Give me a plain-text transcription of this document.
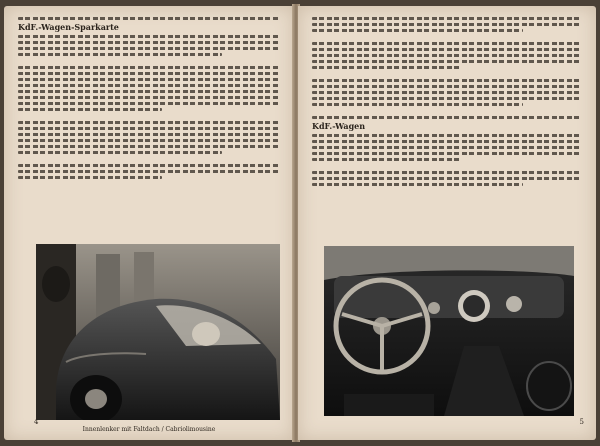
KdF.-Wagen-Sparkarte
Innenlenker mit Faltdach / Cabriolimousine
4
KdF.-Wagen
5
